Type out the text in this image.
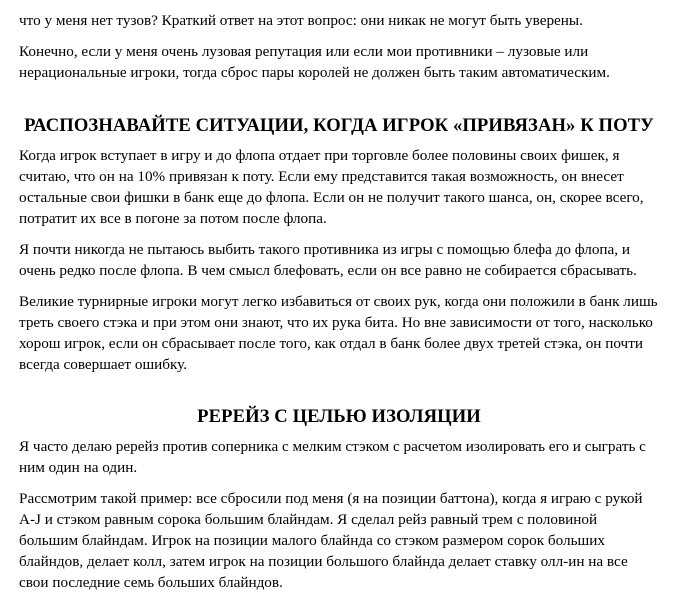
что у меня нет тузов? Краткий ответ на этот вопрос: они никак не могут быть уверены.

Конечно, если у меня очень лузовая репутация или если мои противники – лузовые или нерациональные игроки, тогда сброс пары королей не должен быть таким автоматическим.

РАСПОЗНАВАЙТЕ СИТУАЦИИ, КОГДА ИГРОК «ПРИВЯЗАН» К ПОТУ

Когда игрок вступает в игру и до флопа отдает при торговле более половины своих фишек, я считаю, что он на 10% привязан к поту. Если ему представится такая возможность, он внесет остальные свои фишки в банк еще до флопа. Если он не получит такого шанса, он, скорее всего, потратит их все в погоне за потом после флопа.

Я почти никогда не пытаюсь выбить такого противника из игры с помощью блефа до флопа, и очень редко после флопа. В чем смысл блефовать, если он все равно не собирается сбрасывать.

Великие турнирные игроки могут легко избавиться от своих рук, когда они положили в банк лишь треть своего стэка и при этом они знают, что их рука бита. Но вне зависимости от того, насколько хорош игрок, если он сбрасывает после того, как отдал в банк более двух третей стэка, он почти всегда совершает ошибку.

РЕРЕЙЗ С ЦЕЛЬЮ ИЗОЛЯЦИИ

Я часто делаю ререйз против соперника с мелким стэком с расчетом изолировать его и сыграть с ним один на один.

Рассмотрим такой пример: все сбросили под меня (я на позиции баттона), когда я играю с рукой A-J и стэком равным сорока большим блайндам. Я сделал рейз равный трем с половиной большим блайндам. Игрок на позиции малого блайнда со стэком размером сорок больших блайндов, делает колл, затем игрок на позиции большого блайнда делает ставку олл-ин на все свои последние семь больших блайндов.
